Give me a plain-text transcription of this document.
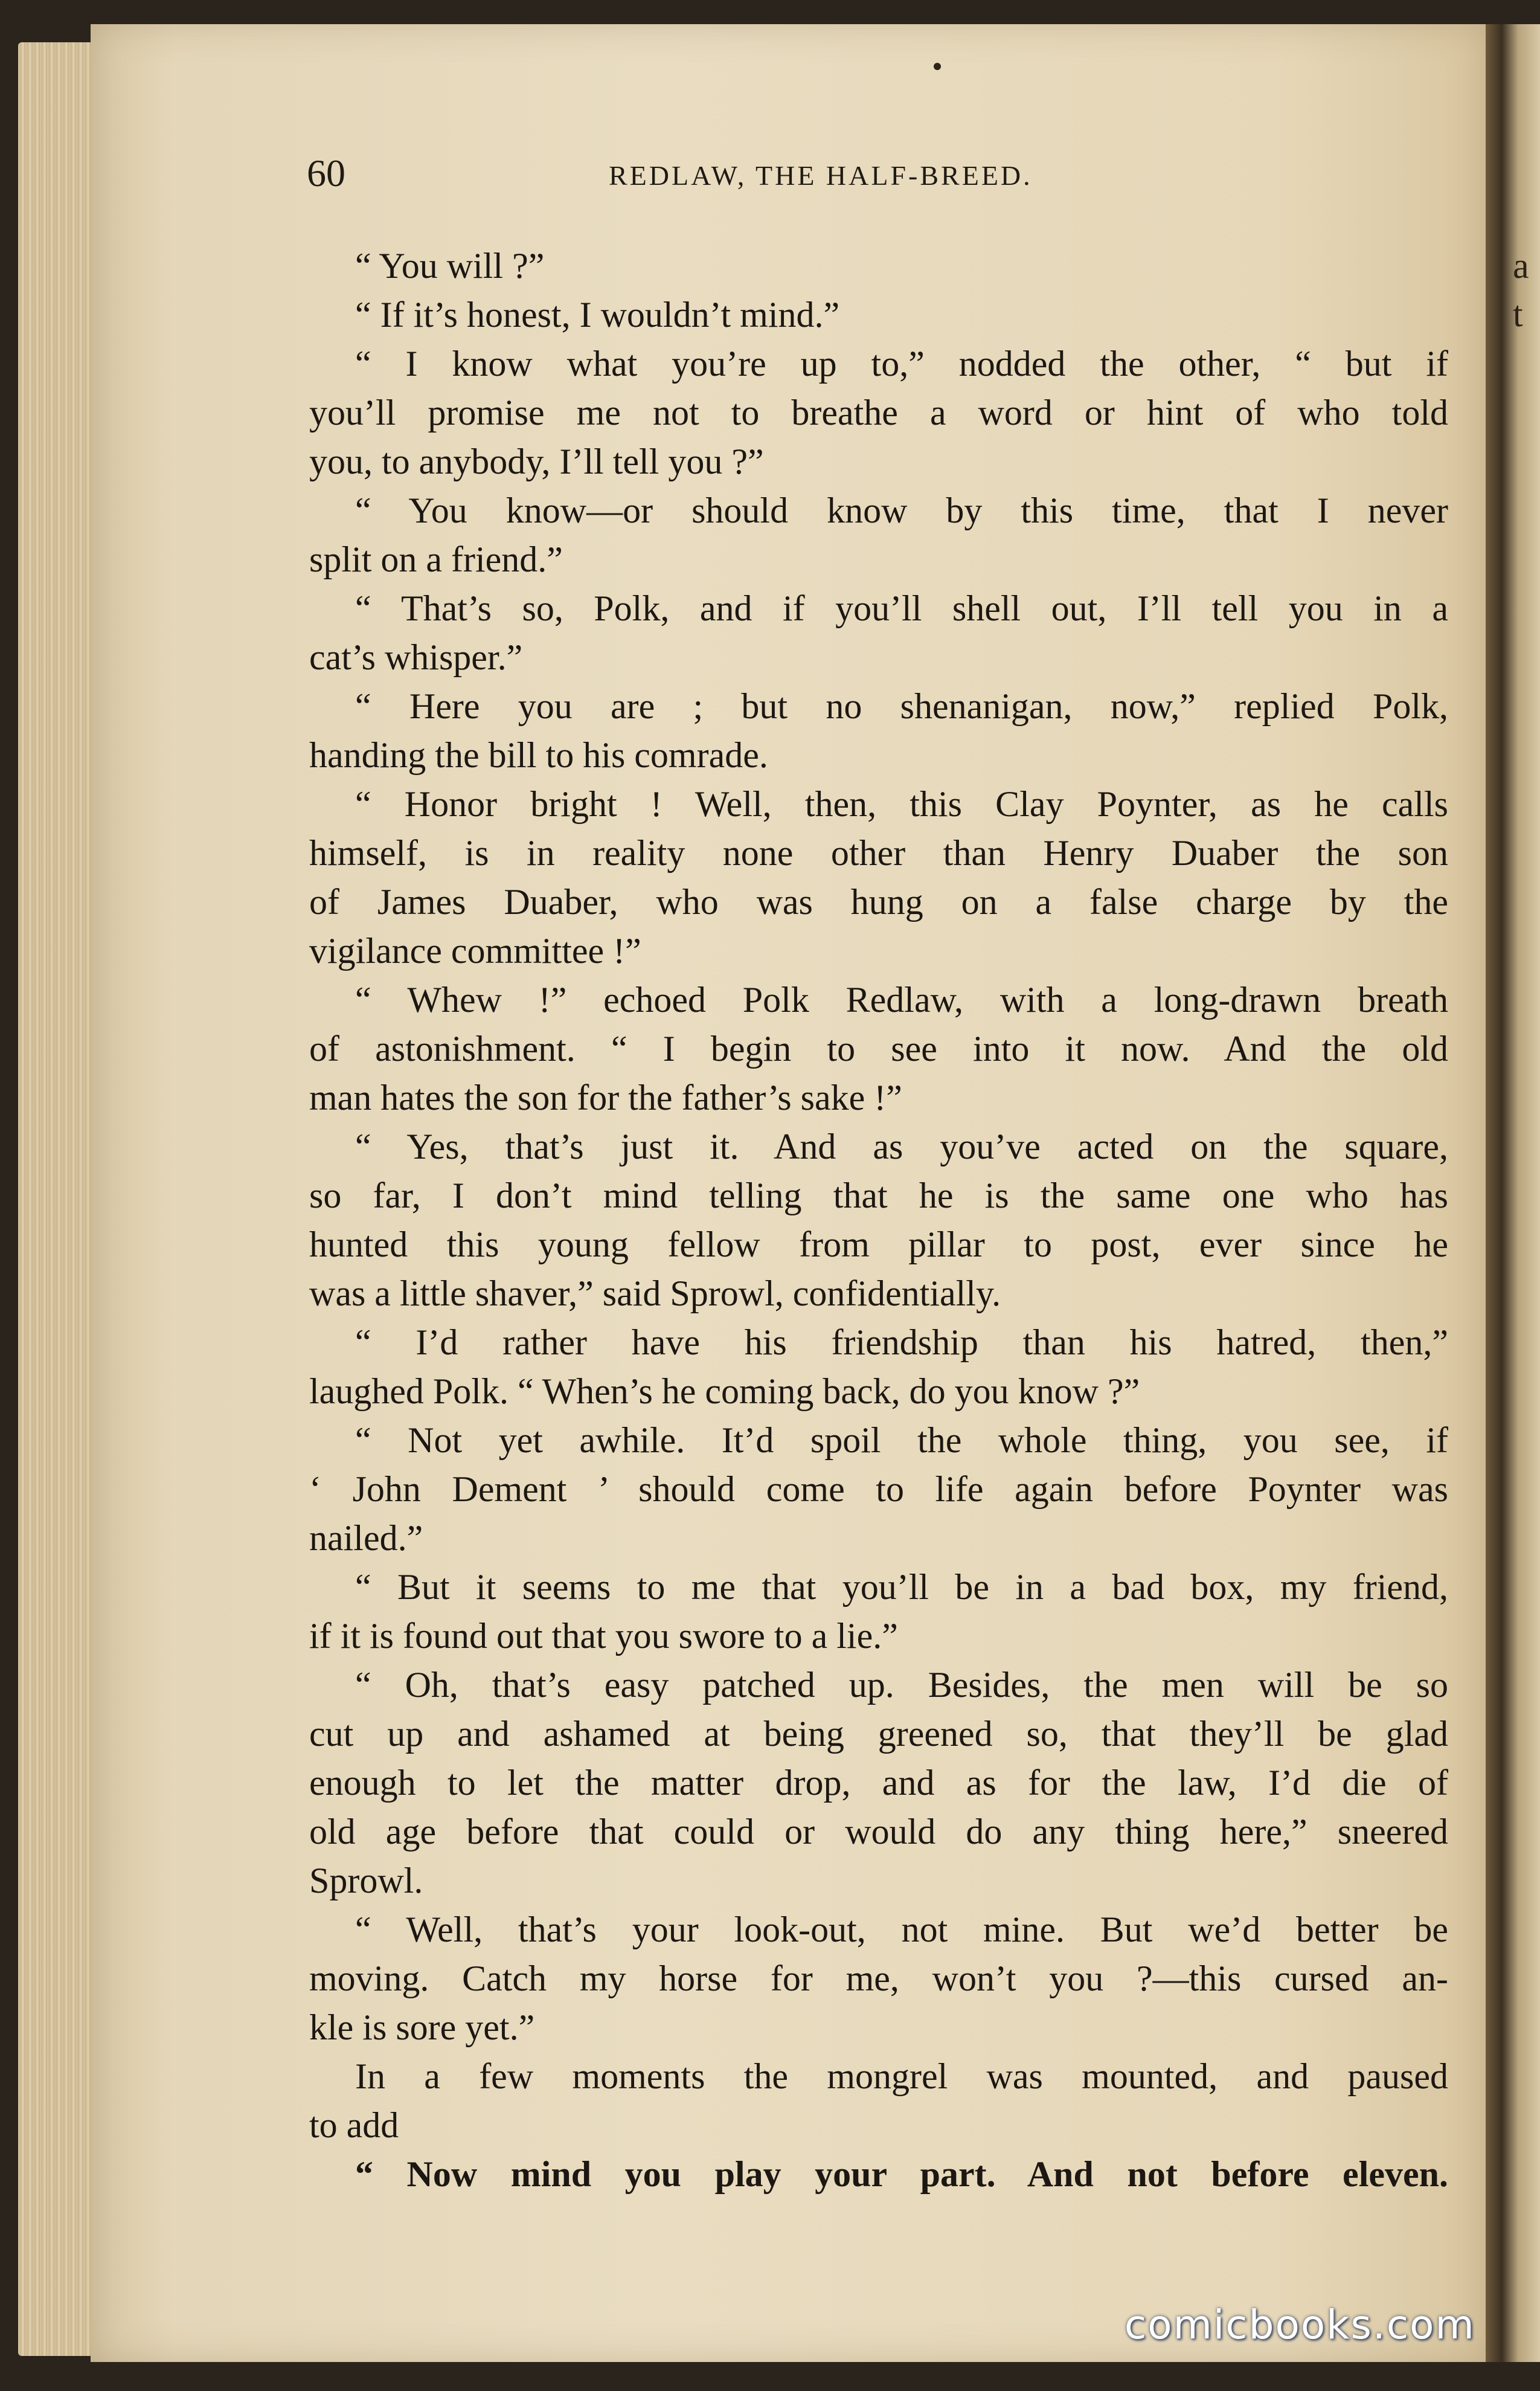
a
t
60	REDLAW, THE HALF-BREED.
“ You will ?”
“ If it’s honest, I wouldn’t mind.”
“ I know what you’re up to,” nodded the other, “ but if
you’ll promise me not to breathe a word or hint of who told
you, to anybody, I’ll tell you ?”
“ You know—or should know by this time, that I never
split on a friend.”
“ That’s so, Polk, and if you’ll shell out, I’ll tell you in a
cat’s whisper.”
“ Here you are ; but no shenanigan, now,” replied Polk,
handing the bill to his comrade.
“ Honor bright ! Well, then, this Clay Poynter, as he calls
himself, is in reality none other than Henry Duaber the son
of James Duaber, who was hung on a false charge by the
vigilance committee !”
“ Whew !” echoed Polk Redlaw, with a long-drawn breath
of astonishment. “ I begin to see into it now. And the old
man hates the son for the father’s sake !”
“ Yes, that’s just it. And as you’ve acted on the square,
so far, I don’t mind telling that he is the same one who has
hunted this young fellow from pillar to post, ever since he
was a little shaver,” said Sprowl, confidentially.
“ I’d rather have his friendship than his hatred, then,”
laughed Polk. “ When’s he coming back, do you know ?”
“ Not yet awhile. It’d spoil the whole thing, you see, if
‘ John Dement ’ should come to life again before Poynter was
nailed.”
“ But it seems to me that you’ll be in a bad box, my friend,
if it is found out that you swore to a lie.”
“ Oh, that’s easy patched up. Besides, the men will be so
cut up and ashamed at being greened so, that they’ll be glad
enough to let the matter drop, and as for the law, I’d die of
old age before that could or would do any thing here,” sneered
Sprowl.
“ Well, that’s your look-out, not mine. But we’d better be
moving. Catch my horse for me, won’t you ?—this cursed an-
kle is sore yet.”
In a few moments the mongrel was mounted, and paused
to add
“ Now mind you play your part. And not before eleven.
comicbooks.com
